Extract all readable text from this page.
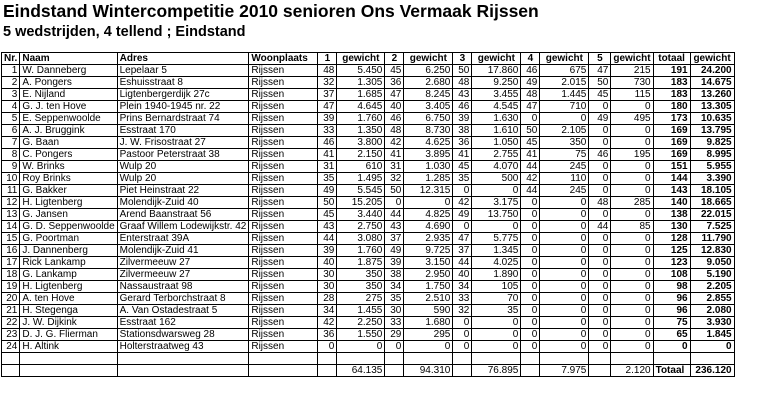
Eindstand Wintercompetitie 2010 senioren Ons Vermaak Rijssen
5 wedstrijden, 4 tellend ; Eindstand
Nr.	Naam	Adres	Woonplaats	1	gewicht	2	gewicht	3	gewicht	4	gewicht	5	gewicht	totaal	gewicht
1	W. Danneberg	Lepelaar 5	Rijssen	48	5.450	45	6.250	50	17.860	46	675	47	215	191	24.200
2	A. Pongers	Eshuisstraat 8	Rijssen	32	1.305	36	2.680	48	9.250	49	2.015	50	730	183	14.675
3	E. Nijland	Ligtenbergerdijk 27c	Rijssen	37	1.685	47	8.245	43	3.455	48	1.445	45	115	183	13.260
4	G. J. ten Hove	Plein 1940-1945 nr. 22	Rijssen	47	4.645	40	3.405	46	4.545	47	710	0	0	180	13.305
5	E. Seppenwoolde	Prins Bernardstraat 74	Rijssen	39	1.760	46	6.750	39	1.630	0	0	49	495	173	10.635
6	A. J. Bruggink	Esstraat 170	Rijssen	33	1.350	48	8.730	38	1.610	50	2.105	0	0	169	13.795
7	G. Baan	J. W. Frisostraat 27	Rijssen	46	3.800	42	4.625	36	1.050	45	350	0	0	169	9.825
8	C. Pongers	Pastoor Peterstraat 38	Rijssen	41	2.150	41	3.895	41	2.755	41	75	46	195	169	8.995
9	W. Brinks	Wulp 20	Rijssen	31	610	31	1.030	45	4.070	44	245	0	0	151	5.955
10	Roy Brinks	Wulp 20	Rijssen	35	1.495	32	1.285	35	500	42	110	0	0	144	3.390
11	G. Bakker	Piet Heinstraat 22	Rijssen	49	5.545	50	12.315	0	0	44	245	0	0	143	18.105
12	H. Ligtenberg	Molendijk-Zuid 40	Rijssen	50	15.205	0	0	42	3.175	0	0	48	285	140	18.665
13	G. Jansen	Arend Baanstraat 56	Rijssen	45	3.440	44	4.825	49	13.750	0	0	0	0	138	22.015
14	G. D. Seppenwoolde	Graaf Willem Lodewijkstr. 42	Rijssen	43	2.750	43	4.690	0	0	0	0	44	85	130	7.525
15	G. Poortman	Enterstraat 39A	Rijssen	44	3.080	37	2.935	47	5.775	0	0	0	0	128	11.790
16	J. Dannenberg	Molendijk-Zuid 41	Rijssen	39	1.760	49	9.725	37	1.345	0	0	0	0	125	12.830
17	Rick Lankamp	Zilvermeeuw 27	Rijssen	40	1.875	39	3.150	44	4.025	0	0	0	0	123	9.050
18	G. Lankamp	Zilvermeeuw 27	Rijssen	30	350	38	2.950	40	1.890	0	0	0	0	108	5.190
19	H. Ligtenberg	Nassaustraat 98	Rijssen	30	350	34	1.750	34	105	0	0	0	0	98	2.205
20	A. ten Hove	Gerard Terborchstraat 8	Rijssen	28	275	35	2.510	33	70	0	0	0	0	96	2.855
21	H. Stegenga	A. Van Ostadestraat 5	Rijssen	34	1.455	30	590	32	35	0	0	0	0	96	2.080
22	J. W. Dijkink	Esstraat 162	Rijssen	42	2.250	33	1.680	0	0	0	0	0	0	75	3.930
23	D. J. G. Flierman	Stationsdwarsweg 28	Rijssen	36	1.550	29	295	0	0	0	0	0	0	65	1.845
24	H. Altink	Holterstraatweg 43	Rijssen	0	0	0	0	0	0	0	0	0	0	0	0

					64.135		94.310		76.895		7.975		2.120	Totaal	236.120
